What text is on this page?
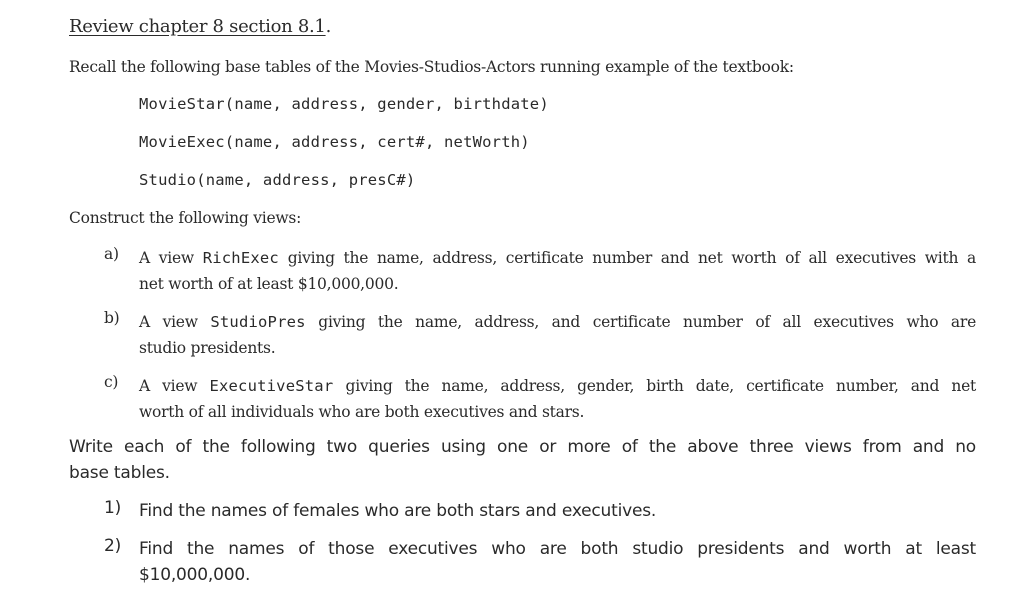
Review chapter 8 section 8.1.
Recall the following base tables of the Movies-Studios-Actors running example of the textbook:
MovieStar(name, address, gender, birthdate)
MovieExec(name, address, cert#, netWorth)
Studio(name, address, presC#)
Construct the following views:
a) A view RichExec giving the name, address, certificate number and net worth of all executives with a
net worth of at least $10,000,000.
b) A view StudioPres giving the name, address, and certificate number of all executives who are
studio presidents.
c) A view ExecutiveStar giving the name, address, gender, birth date, certificate number, and net
worth of all individuals who are both executives and stars.
Write each of the following two queries using one or more of the above three views from and no
base tables.
1) Find the names of females who are both stars and executives.
2) Find the names of those executives who are both studio presidents and worth at least
$10,000,000.
